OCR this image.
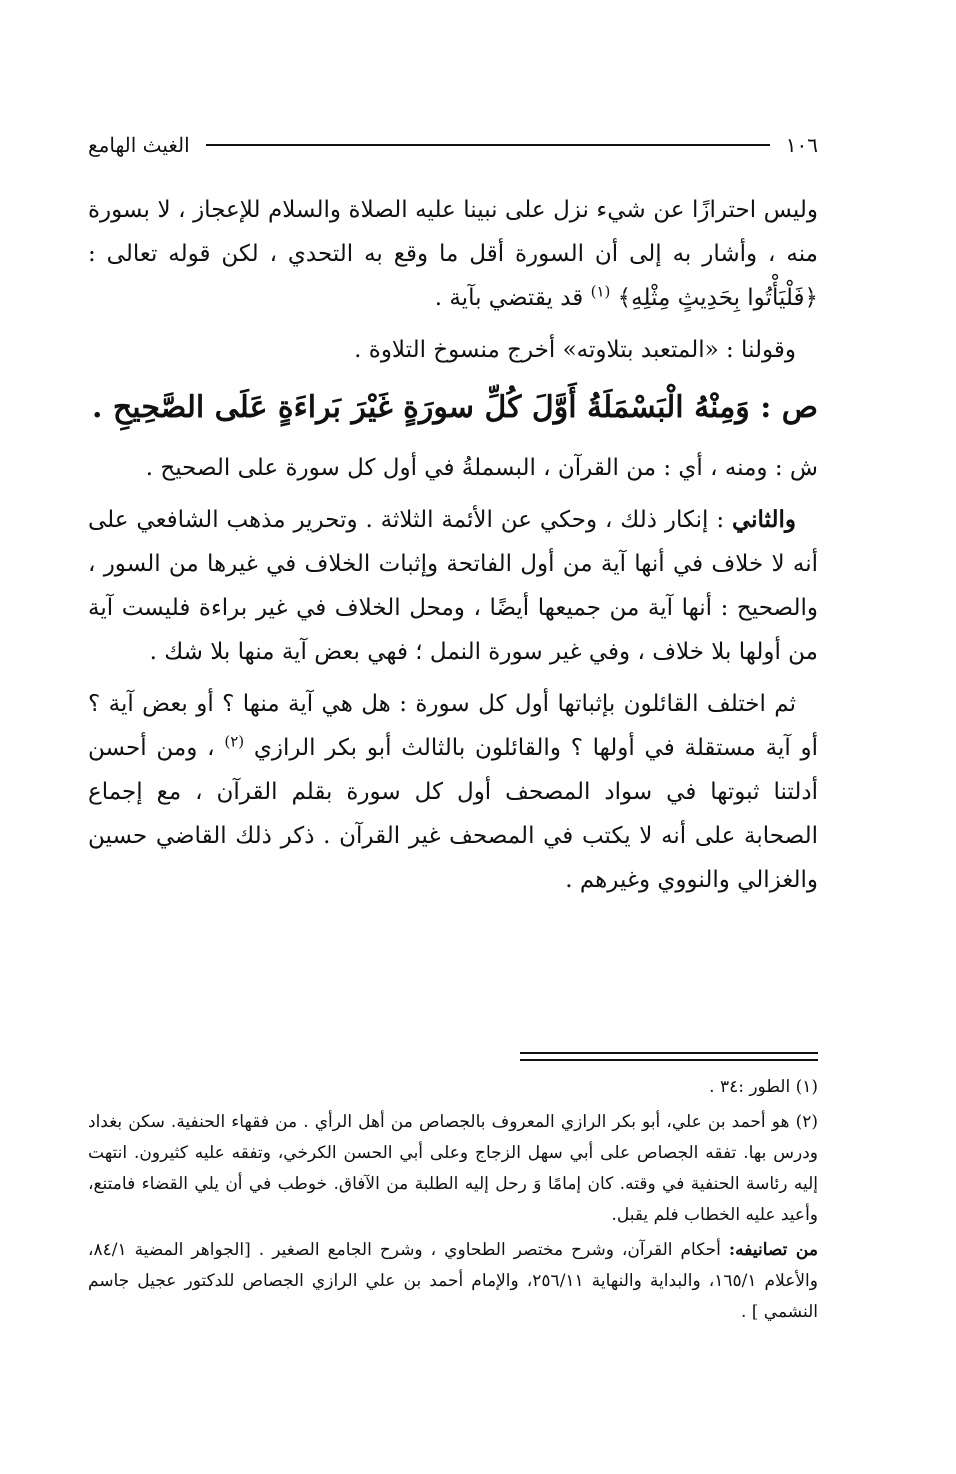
١٠٦
الغيث الهامع

وليس احترازًا عن شيء نزل على نبينا عليه الصلاة والسلام للإعجاز ، لا بسورة منه ، وأشار به إلى أن السورة أقل ما وقع به التحدي ، لكن قوله تعالى : ﴿فَلْيَأْتُوا بِحَدِيثٍ مِثْلِهِ﴾ $^{(١)}$ قد يقتضي بآية .

وقولنا : «المتعبد بتلاوته» أخرج منسوخ التلاوة .

ص : وَمِنْهُ الْبَسْمَلَةُ أَوَّلَ كُلِّ سورَةٍ غَيْرَ بَراءَةٍ عَلَى الصَّحِيحِ .

ش : ومنه ، أي : من القرآن ، البسملةُ في أول كل سورة على الصحيح .

والثاني : إنكار ذلك ، وحكي عن الأئمة الثلاثة . وتحرير مذهب الشافعي على أنه لا خلاف في أنها آية من أول الفاتحة وإثبات الخلاف في غيرها من السور ، والصحيح : أنها آية من جميعها أيضًا ، ومحل الخلاف في غير براءة فليست آية من أولها بلا خلاف ، وفي غير سورة النمل ؛ فهي بعض آية منها بلا شك .

ثم اختلف القائلون بإثباتها أول كل سورة : هل هي آية منها ؟ أو بعض آية ؟ أو آية مستقلة في أولها ؟ والقائلون بالثالث أبو بكر الرازي $^{(٢)}$ ، ومن أحسن أدلتنا ثبوتها في سواد المصحف أول كل سورة بقلم القرآن ، مع إجماع الصحابة على أنه لا يكتب في المصحف غير القرآن . ذكر ذلك القاضي حسين والغزالي والنووي وغيرهم .

(١) الطور :٣٤ .

(٢) هو أحمد بن علي، أبو بكر الرازي المعروف بالجصاص من أهل الرأي . من فقهاء الحنفية. سكن بغداد ودرس بها. تفقه الجصاص على أبي سهل الزجاج وعلى أبي الحسن الكرخي، وتفقه عليه كثيرون. انتهت إليه رئاسة الحنفية في وقته. كان إمامًا وَ رحل إليه الطلبة من الآفاق. خوطب في أن يلي القضاء فامتنع، وأعيد عليه الخطاب فلم يقبل.

من تصانيفه: أحكام القرآن، وشرح مختصر الطحاوي ، وشرح الجامع الصغير . [الجواهر المضية ٨٤/١، والأعلام ١٦٥/١، والبداية والنهاية ٢٥٦/١١، والإمام أحمد بن علي الرازي الجصاص للدكتور عجيل جاسم النشمي ] .
